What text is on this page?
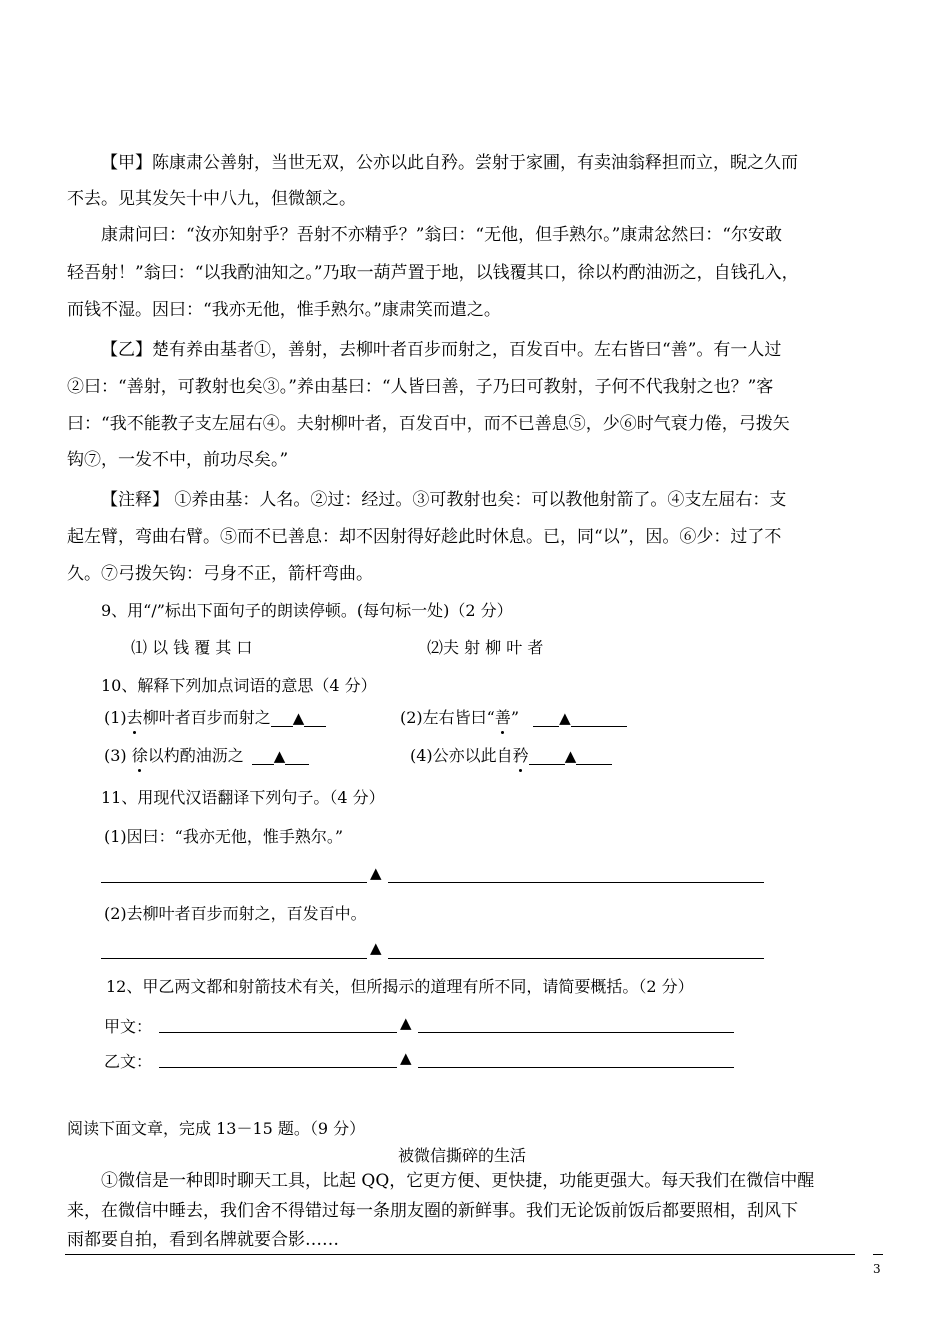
【甲】陈康肃公善射，当世无双，公亦以此自矜。尝射于家圃，有卖油翁释担而立，睨之久而
不去。见其发矢十中八九，但微颔之。
康肃问曰：“汝亦知射乎？吾射不亦精乎？”翁曰：“无他，但手熟尔。”康肃忿然曰：“尔安敢
轻吾射！”翁曰：“以我酌油知之。”乃取一葫芦置于地，以钱覆其口，徐以杓酌油沥之，自钱孔入，
而钱不湿。因曰：“我亦无他，惟手熟尔。”康肃笑而遣之。
【乙】楚有养由基者①，善射，去柳叶者百步而射之，百发百中。左右皆曰“善”。有一人过
②曰：“善射，可教射也矣③。”养由基曰：“人皆曰善，子乃曰可教射，子何不代我射之也？”客
曰：“我不能教子支左屈右④。夫射柳叶者，百发百中，而不已善息⑤，少⑥时气衰力倦，弓拨矢
钩⑦，一发不中，前功尽矣。”
【注释】 ①养由基：人名。②过：经过。③可教射也矣：可以教他射箭了。④支左屈右：支
起左臂，弯曲右臂。⑤而不已善息：却不因射得好趁此时休息。已，同“以”，因。⑥少：过了不
久。⑦弓拨矢钩：弓身不正，箭杆弯曲。
9、用“/”标出下面句子的朗读停顿。(每句标一处)（2 分）
⑴ 以 钱 覆 其 口	⑵夫 射 柳 叶 者
10、解释下列加点词语的意思（4 分）
(1)去柳叶者百步而射之 ▲	(2)左右皆曰“善”	▲
(3) 徐以杓酌油沥之 ▲	(4)公亦以此自矜 ▲
11、用现代汉语翻译下列句子。（4 分）
(1)因曰：“我亦无他，惟手熟尔。”
▲
(2)去柳叶者百步而射之，百发百中。
▲
12、甲乙两文都和射箭技术有关，但所揭示的道理有所不同，请简要概括。（2 分）
甲文：	▲
乙文：	▲
阅读下面文章，完成 13－15 题。（9 分）
被微信撕碎的生活
①微信是一种即时聊天工具，比起 QQ，它更方便、更快捷，功能更强大。每天我们在微信中醒
来，在微信中睡去，我们舍不得错过每一条朋友圈的新鲜事。我们无论饭前饭后都要照相，刮风下
雨都要自拍，看到名牌就要合影……
3
